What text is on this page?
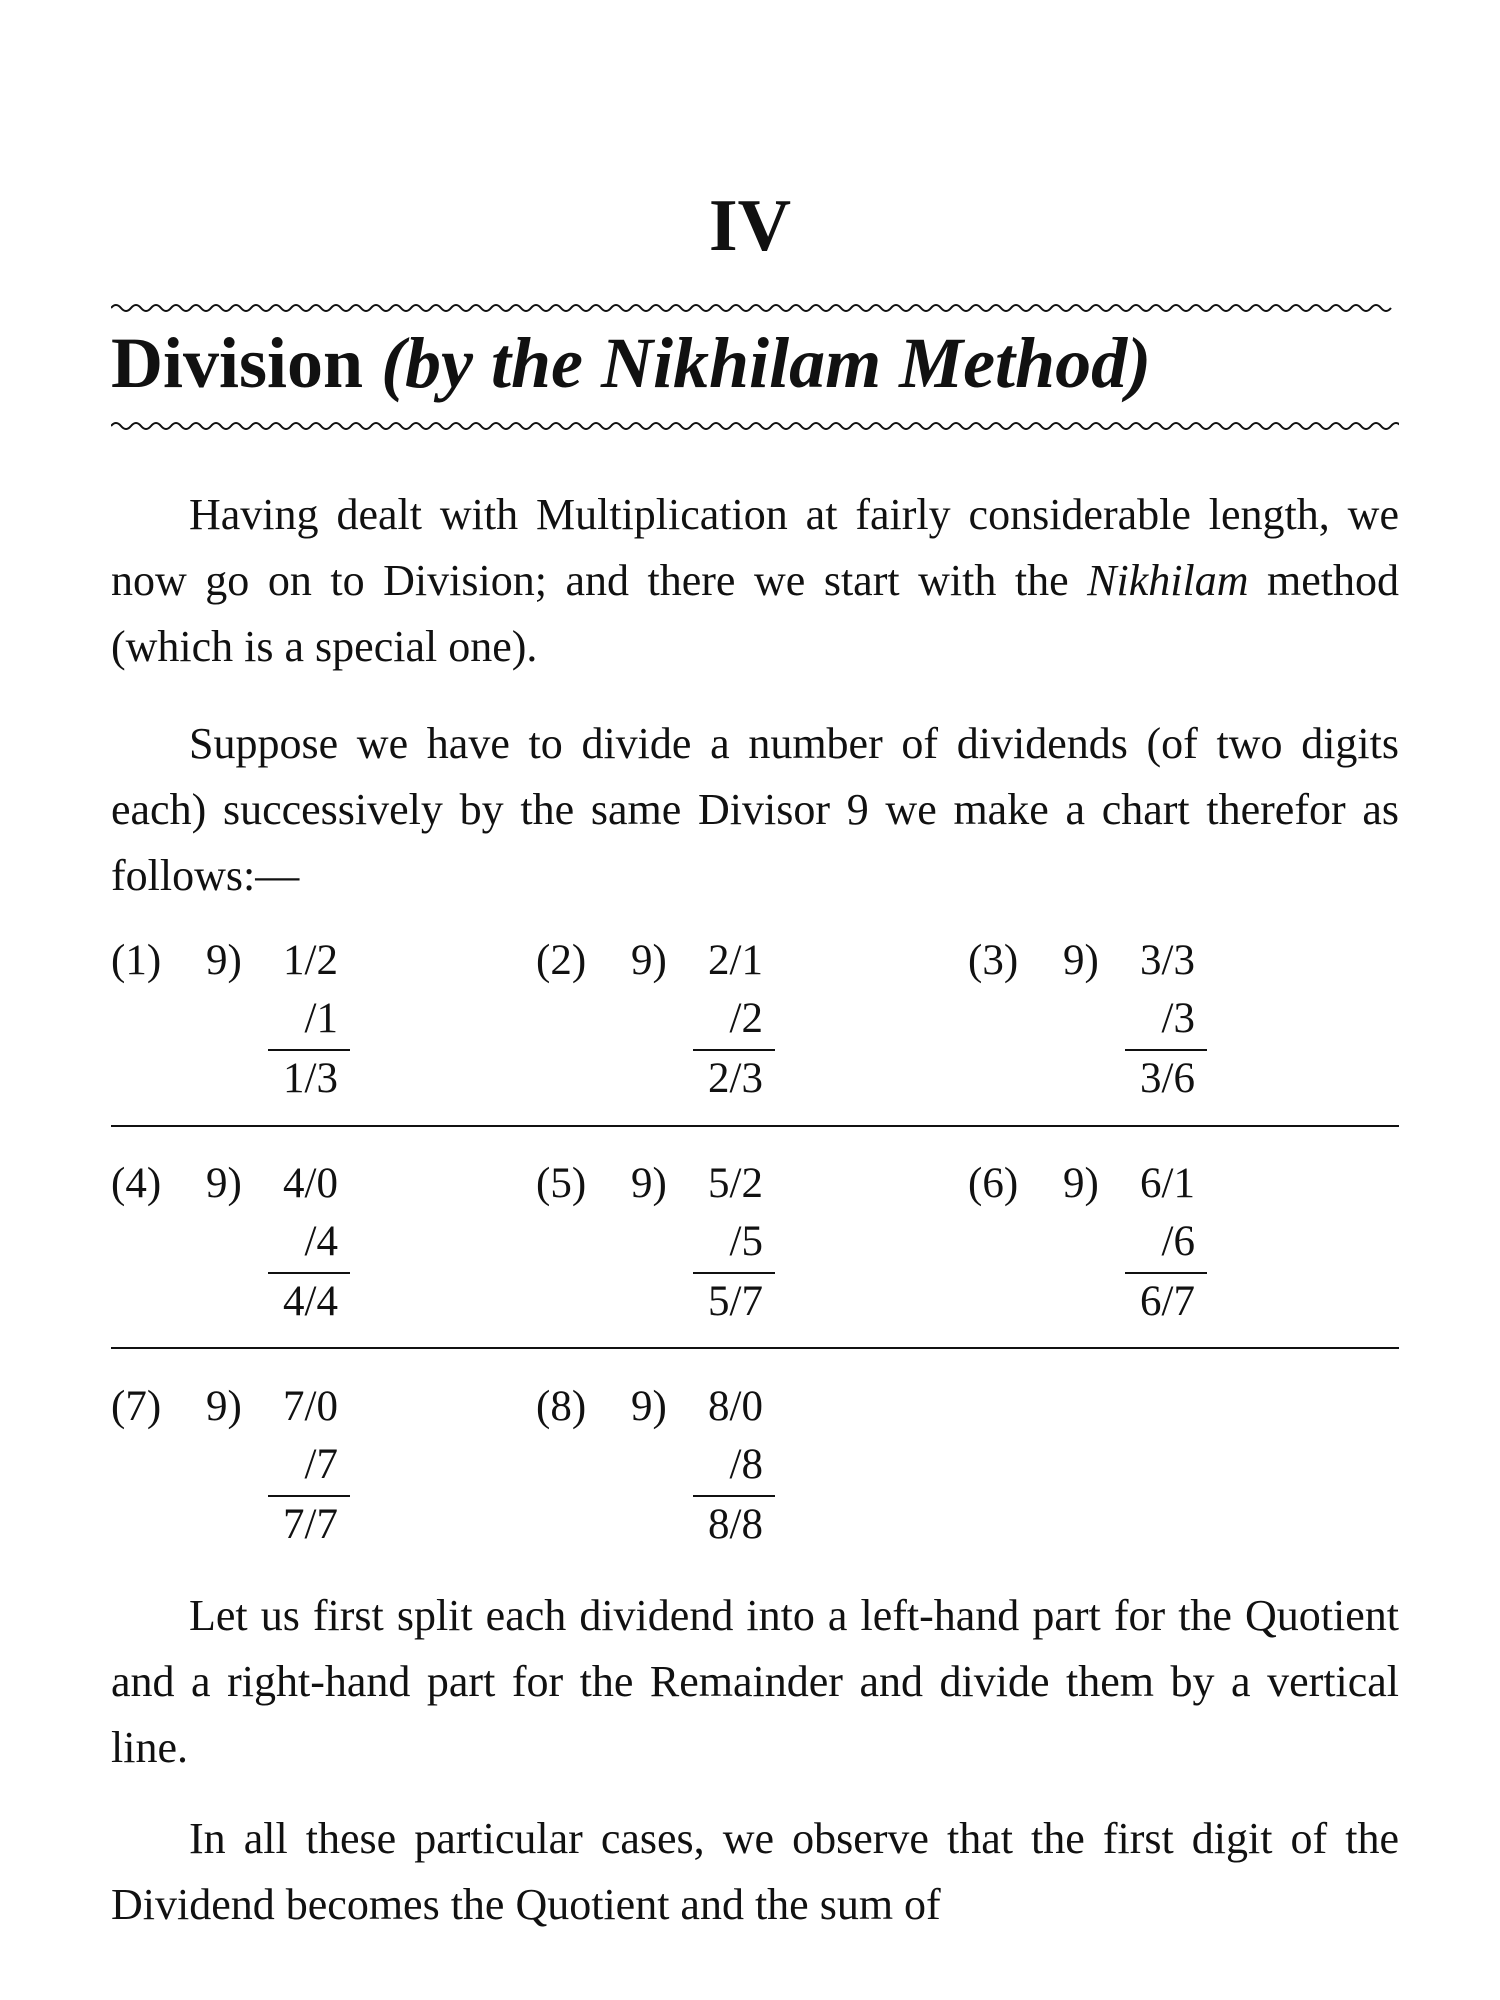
IV
Division (by the Nikhilam Method)
Having dealt with Multiplication at fairly considerable length, we now go on to Division; and there we start with the Nikhilam method (which is a special one).
Suppose we have to divide a number of dividends (of two digits each) successively by the same Divisor 9 we make a chart therefor as follows:—
(1) 9) 1/2
/1
1/3
(2) 9) 2/1
/2
2/3
(3) 9) 3/3
/3
3/6
(4) 9) 4/0
/4
4/4
(5) 9) 5/2
/5
5/7
(6) 9) 6/1
/6
6/7
(7) 9) 7/0
/7
7/7
(8) 9) 8/0
/8
8/8
Let us first split each dividend into a left-hand part for the Quotient and a right-hand part for the Remainder and divide them by a vertical line.
In all these particular cases, we observe that the first digit of the Dividend becomes the Quotient and the sum of
